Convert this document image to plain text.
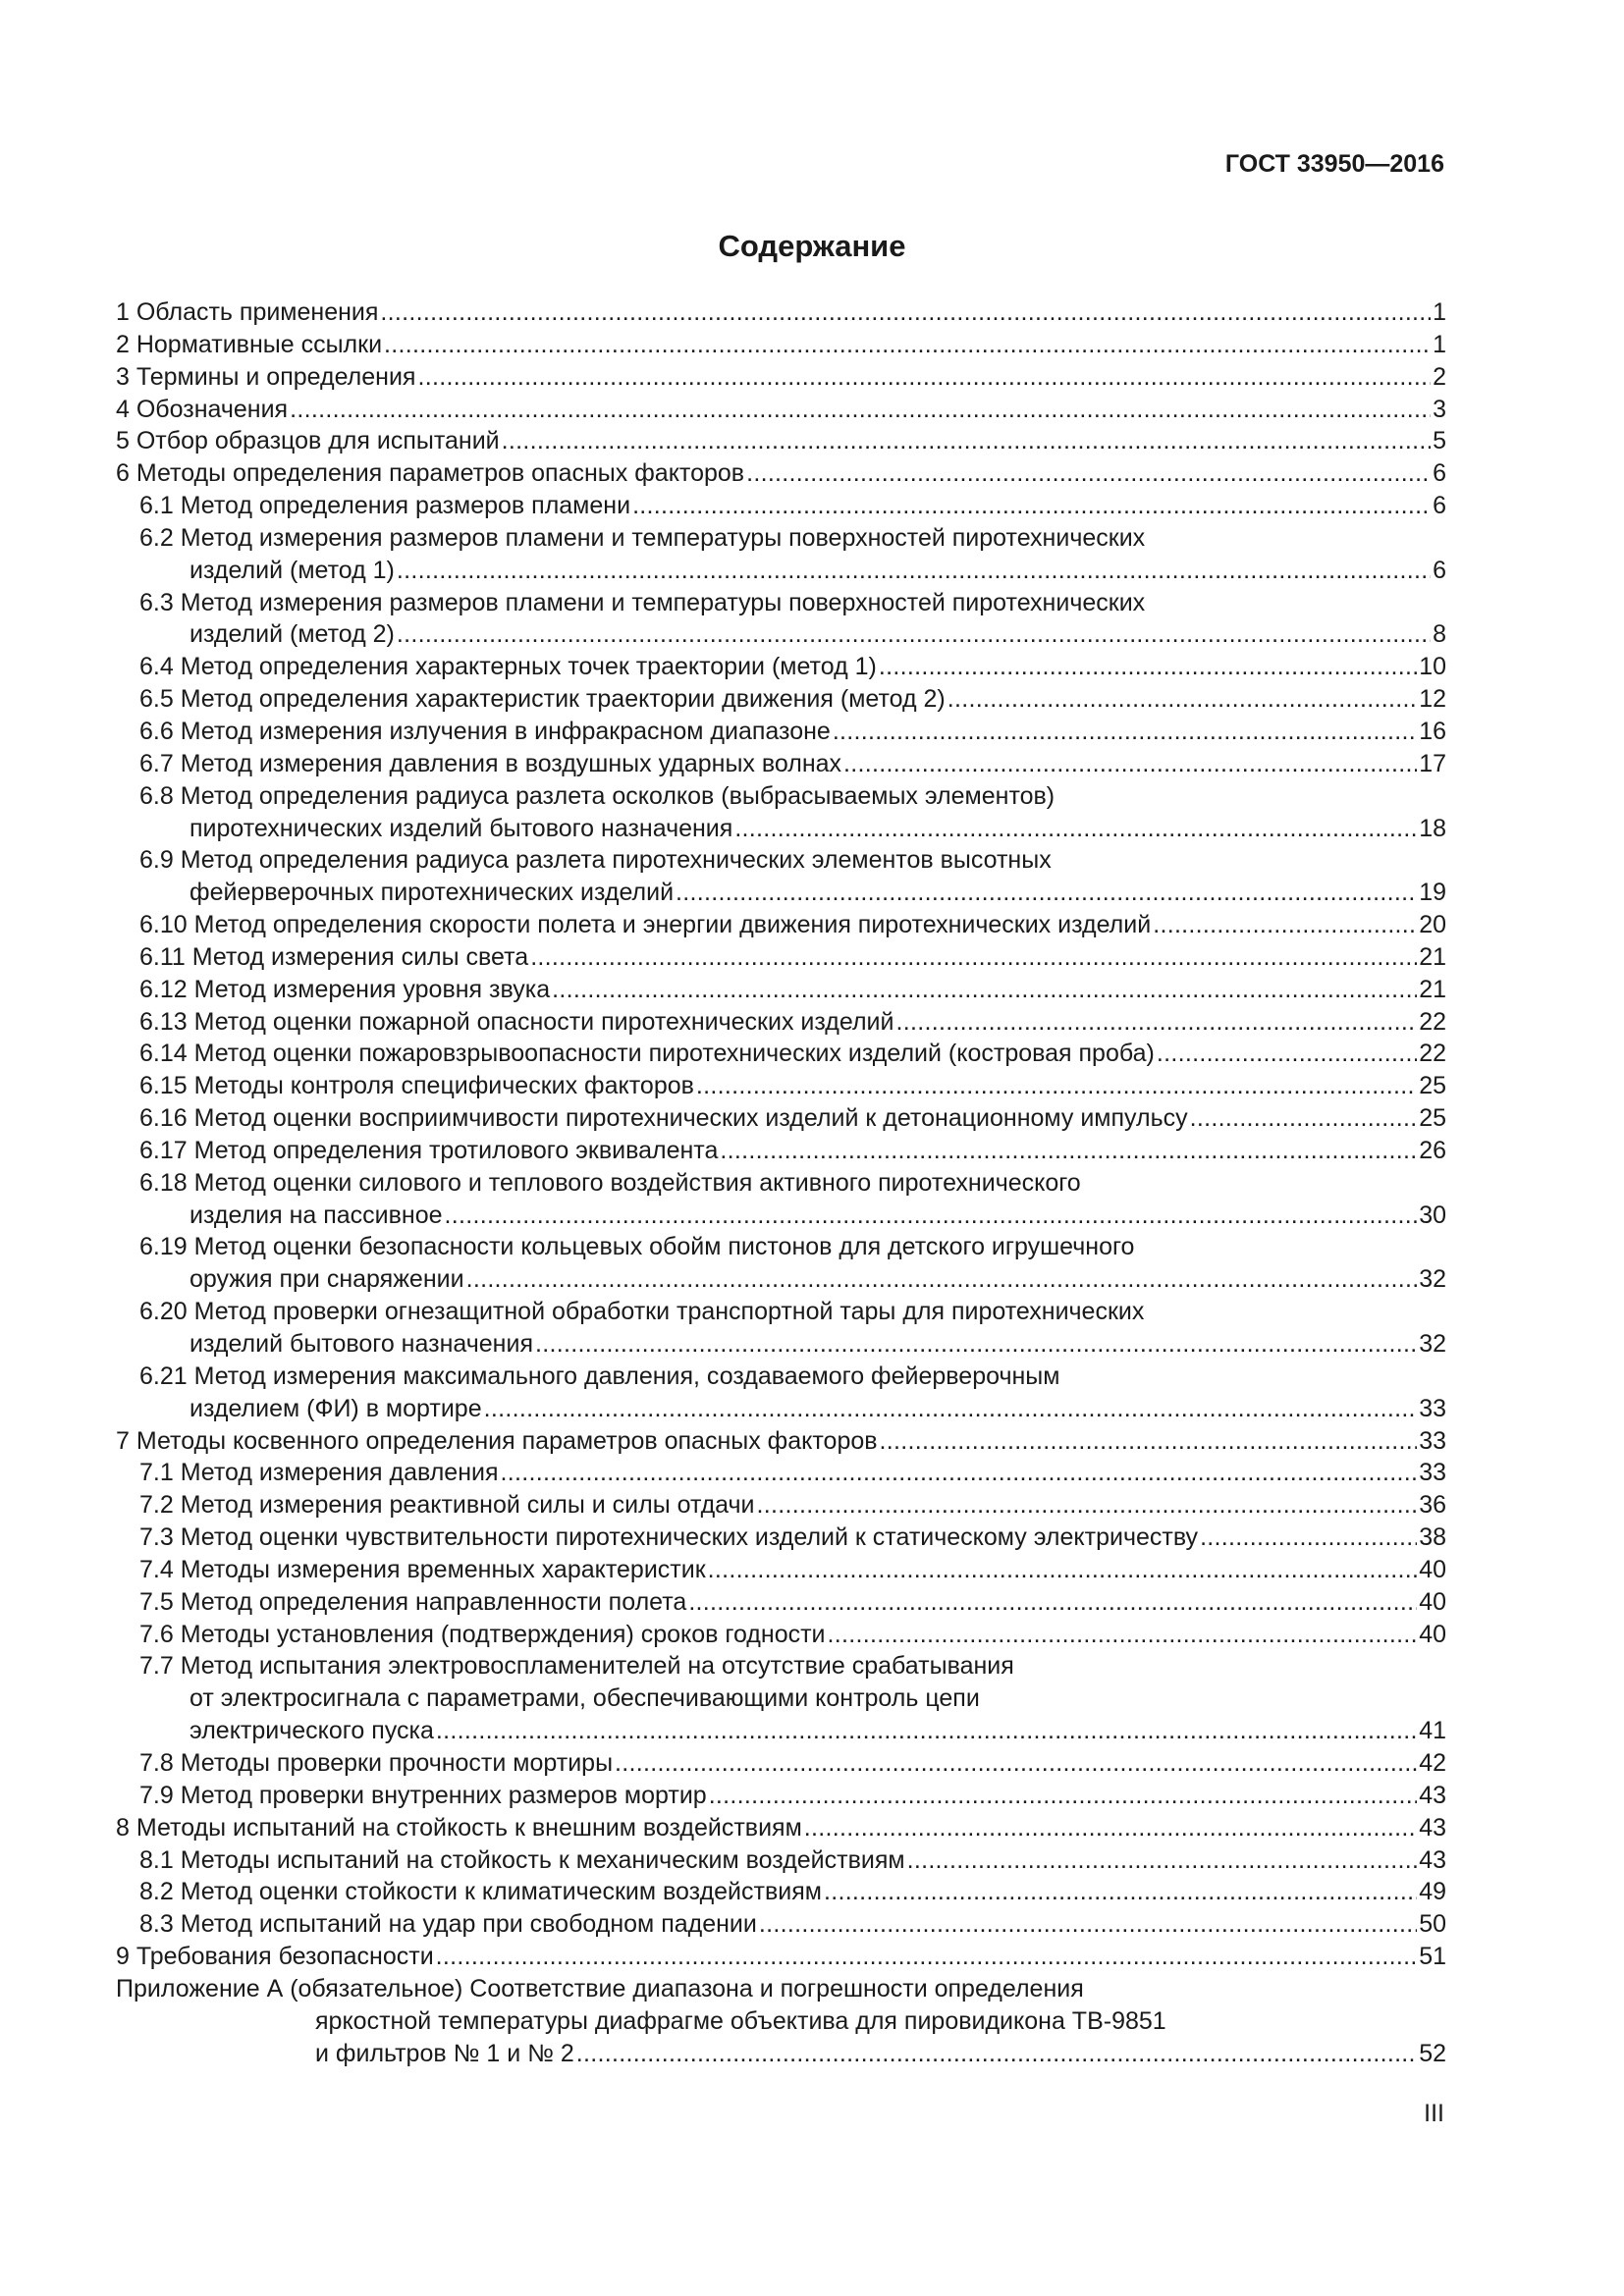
ГОСТ 33950—2016
Содержание
1 Область применения .....	1
2 Нормативные ссылки .....	1
3 Термины и определения .....	2
4 Обозначения .....	3
5 Отбор образцов для испытаний .....	5
6 Методы определения параметров опасных факторов .....	6
6.1 Метод определения размеров пламени .....	6
6.2 Метод измерения размеров пламени и температуры поверхностей пиротехнических
изделий (метод 1) .....	6
6.3 Метод измерения размеров пламени и температуры поверхностей пиротехнических
изделий (метод 2) .....	8
6.4 Метод определения характерных точек траектории (метод 1) .....	10
6.5 Метод определения характеристик траектории движения (метод 2) .....	12
6.6 Метод измерения излучения в инфракрасном диапазоне .....	16
6.7 Метод измерения давления в воздушных ударных волнах .....	17
6.8 Метод определения радиуса разлета осколков (выбрасываемых элементов)
пиротехнических изделий бытового назначения .....	18
6.9 Метод определения радиуса разлета пиротехнических элементов высотных
фейерверочных пиротехнических изделий .....	19
6.10 Метод определения скорости полета и энергии движения пиротехнических изделий .....	20
6.11 Метод измерения силы света .....	21
6.12 Метод измерения уровня звука .....	21
6.13 Метод оценки пожарной опасности пиротехнических изделий .....	22
6.14 Метод оценки пожаровзрывоопасности пиротехнических изделий (костровая проба) .....	22
6.15 Методы контроля специфических факторов .....	25
6.16 Метод оценки восприимчивости пиротехнических изделий к детонационному импульсу .....	25
6.17 Метод определения тротилового эквивалента .....	26
6.18 Метод оценки силового и теплового воздействия активного пиротехнического
изделия на пассивное .....	30
6.19 Метод оценки безопасности кольцевых обойм пистонов для детского игрушечного
оружия при снаряжении .....	32
6.20 Метод проверки огнезащитной обработки транспортной тары для пиротехнических
изделий бытового назначения .....	32
6.21 Метод измерения максимального давления, создаваемого фейерверочным
изделием (ФИ) в мортире .....	33
7 Методы косвенного определения параметров опасных факторов .....	33
7.1 Метод измерения давления .....	33
7.2 Метод измерения реактивной силы и силы отдачи .....	36
7.3 Метод оценки чувствительности пиротехнических изделий к статическому электричеству .....	38
7.4 Методы измерения временных характеристик .....	40
7.5 Метод определения направленности полета .....	40
7.6 Методы установления (подтверждения) сроков годности .....	40
7.7 Метод испытания электровоспламенителей на отсутствие срабатывания
от электросигнала с параметрами, обеспечивающими контроль цепи
электрического пуска .....	41
7.8 Методы проверки прочности мортиры .....	42
7.9 Метод проверки внутренних размеров мортир .....	43
8 Методы испытаний на стойкость к внешним воздействиям .....	43
8.1 Методы испытаний на стойкость к механическим воздействиям .....	43
8.2 Метод оценки стойкости к климатическим воздействиям .....	49
8.3 Метод испытаний на удар при свободном падении .....	50
9 Требования безопасности .....	51
Приложение А (обязательное) Соответствие диапазона и погрешности определения
яркостной температуры диафрагме объектива для пировидикона ТВ-9851
и фильтров № 1 и № 2 .....	52
III
